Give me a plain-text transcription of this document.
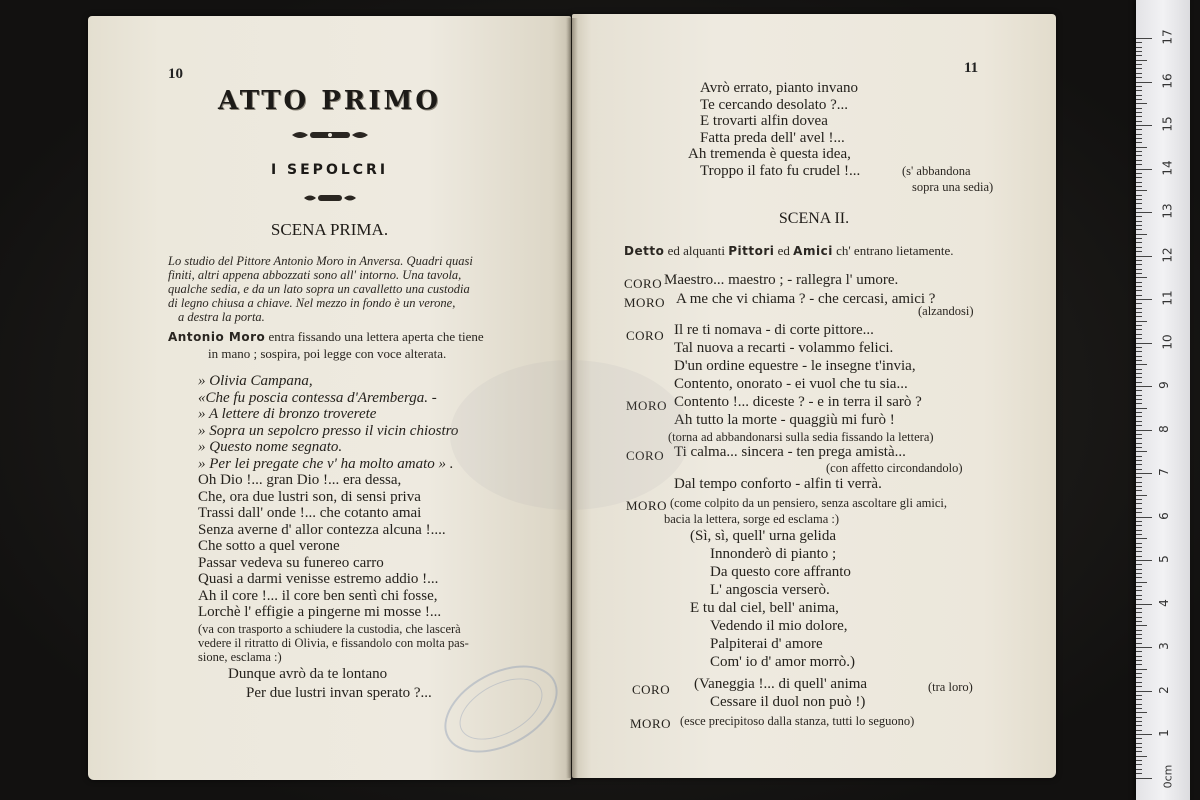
10
ATTO PRIMO
I SEPOLCRI
SCENA PRIMA.
Lo studio del Pittore Antonio Moro in Anversa. Quadri quasi
finiti, altri appena abbozzati sono all' intorno. Una tavola,
qualche sedia, e da un lato sopra un cavalletto una custodia
di legno chiusa a chiave. Nel mezzo in fondo è un verone,
a destra la porta.
Antonio Moro entra fissando una lettera aperta che tiene
in mano ; sospira, poi legge con voce alterata.
» Olivia Campana,
«Che fu poscia contessa d'Aremberga. -
» A lettere di bronzo troverete
» Sopra un sepolcro presso il vicin chiostro
» Questo nome segnato.
» Per lei pregate che v' ha molto amato » .
Oh Dio !... gran Dio !... era dessa,
Che, ora due lustri son, di sensi priva
Trassi dall' onde !... che cotanto amai
Senza averne d' allor contezza alcuna !....
Che sotto a quel verone
Passar vedeva su funereo carro
Quasi a darmi venisse estremo addio !...
Ah il core !... il core ben sentì chi fosse,
Lorchè l' effigie a pingerne mi mosse !...
(va con trasporto a schiudere la custodia, che lascerà
vedere il ritratto di Olivia, e fissandolo con molta pas-
sione, esclama :)
Dunque avrò da te lontano
Per due lustri invan sperato ?...
11
Avrò errato, pianto invano
Te cercando desolato ?...
E trovarti alfin dovea
Fatta preda dell' avel !...
Ah tremenda è questa idea,
Troppo il fato fu crudel !...	(s' abbandona
sopra una sedia)
SCENA II.
Detto ed alquanti Pittori ed Amici ch' entrano lietamente.
CORO Maestro... maestro ; - rallegra l' umore.
MORO A me che vi chiama ? - che cercasi, amici ?
(alzandosi)
CORO Il re ti nomava - di corte pittore...
Tal nuova a recarti - volammo felici.
D'un ordine equestre - le insegne t'invia,
Contento, onorato - ei vuol che tu sia...
MORO Contento !... diceste ? - e in terra il sarò ?
Ah tutto la morte - quaggiù mi furò !
(torna ad abbandonarsi sulla sedia fissando la lettera)
CORO Ti calma... sincera - ten prega amistà...
(con affetto circondandolo)
Dal tempo conforto - alfin ti verrà.
MORO (come colpito da un pensiero, senza ascoltare gli amici,
bacia la lettera, sorge ed esclama :)
(Sì, sì, quell' urna gelida
Innonderò di pianto ;
Da questo core affranto
L' angoscia verserò.
E tu dal ciel, bell' anima,
Vedendo il mio dolore,
Palpiterai d' amore
Com' io d' amor morrò.)
CORO (Vaneggia !... di quell' anima	(tra loro)
Cessare il duol non può !)
MORO (esce precipitoso dalla stanza, tutti lo seguono)
0cm
17
16
15
14
13
12
11
10
9
8
7
6
5
4
3
2
1
